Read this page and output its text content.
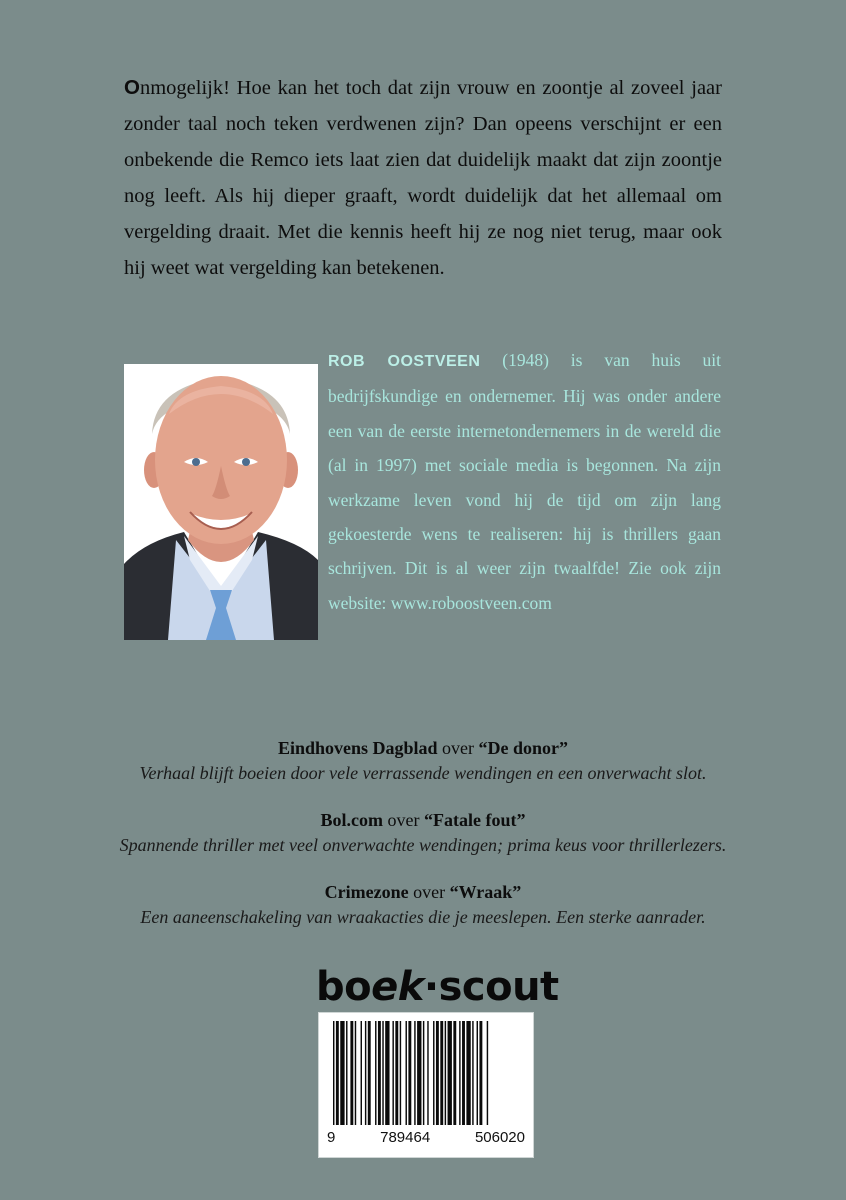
Onmogelijk! Hoe kan het toch dat zijn vrouw en zoontje al zoveel jaar zonder taal noch teken verdwenen zijn? Dan opeens verschijnt er een onbekende die Remco iets laat zien dat duidelijk maakt dat zijn zoontje nog leeft. Als hij dieper graaft, wordt duidelijk dat het allemaal om vergelding draait. Met die kennis heeft hij ze nog niet terug, maar ook hij weet wat vergelding kan betekenen.
ROB OOSTVEEN (1948) is van huis uit bedrijfskundige en ondernemer. Hij was onder andere een van de eerste internetondernemers in de wereld die (al in 1997) met sociale media is begonnen. Na zijn werkzame leven vond hij de tijd om zijn lang gekoesterde wens te realiseren: hij is thrillers gaan schrijven. Dit is al weer zijn twaalfde! Zie ook zijn website: www.roboostveen.com
Eindhovens Dagblad over “De donor”
Verhaal blijft boeien door vele verrassende wendingen en een onverwacht slot.
Bol.com over “Fatale fout”
Spannende thriller met veel onverwachte wendingen; prima keus voor thrillerlezers.
Crimezone over “Wraak”
Een aaneenschakeling van wraakacties die je meeslepen. Een sterke aanrader.
boek·scout
9	789464	506020
